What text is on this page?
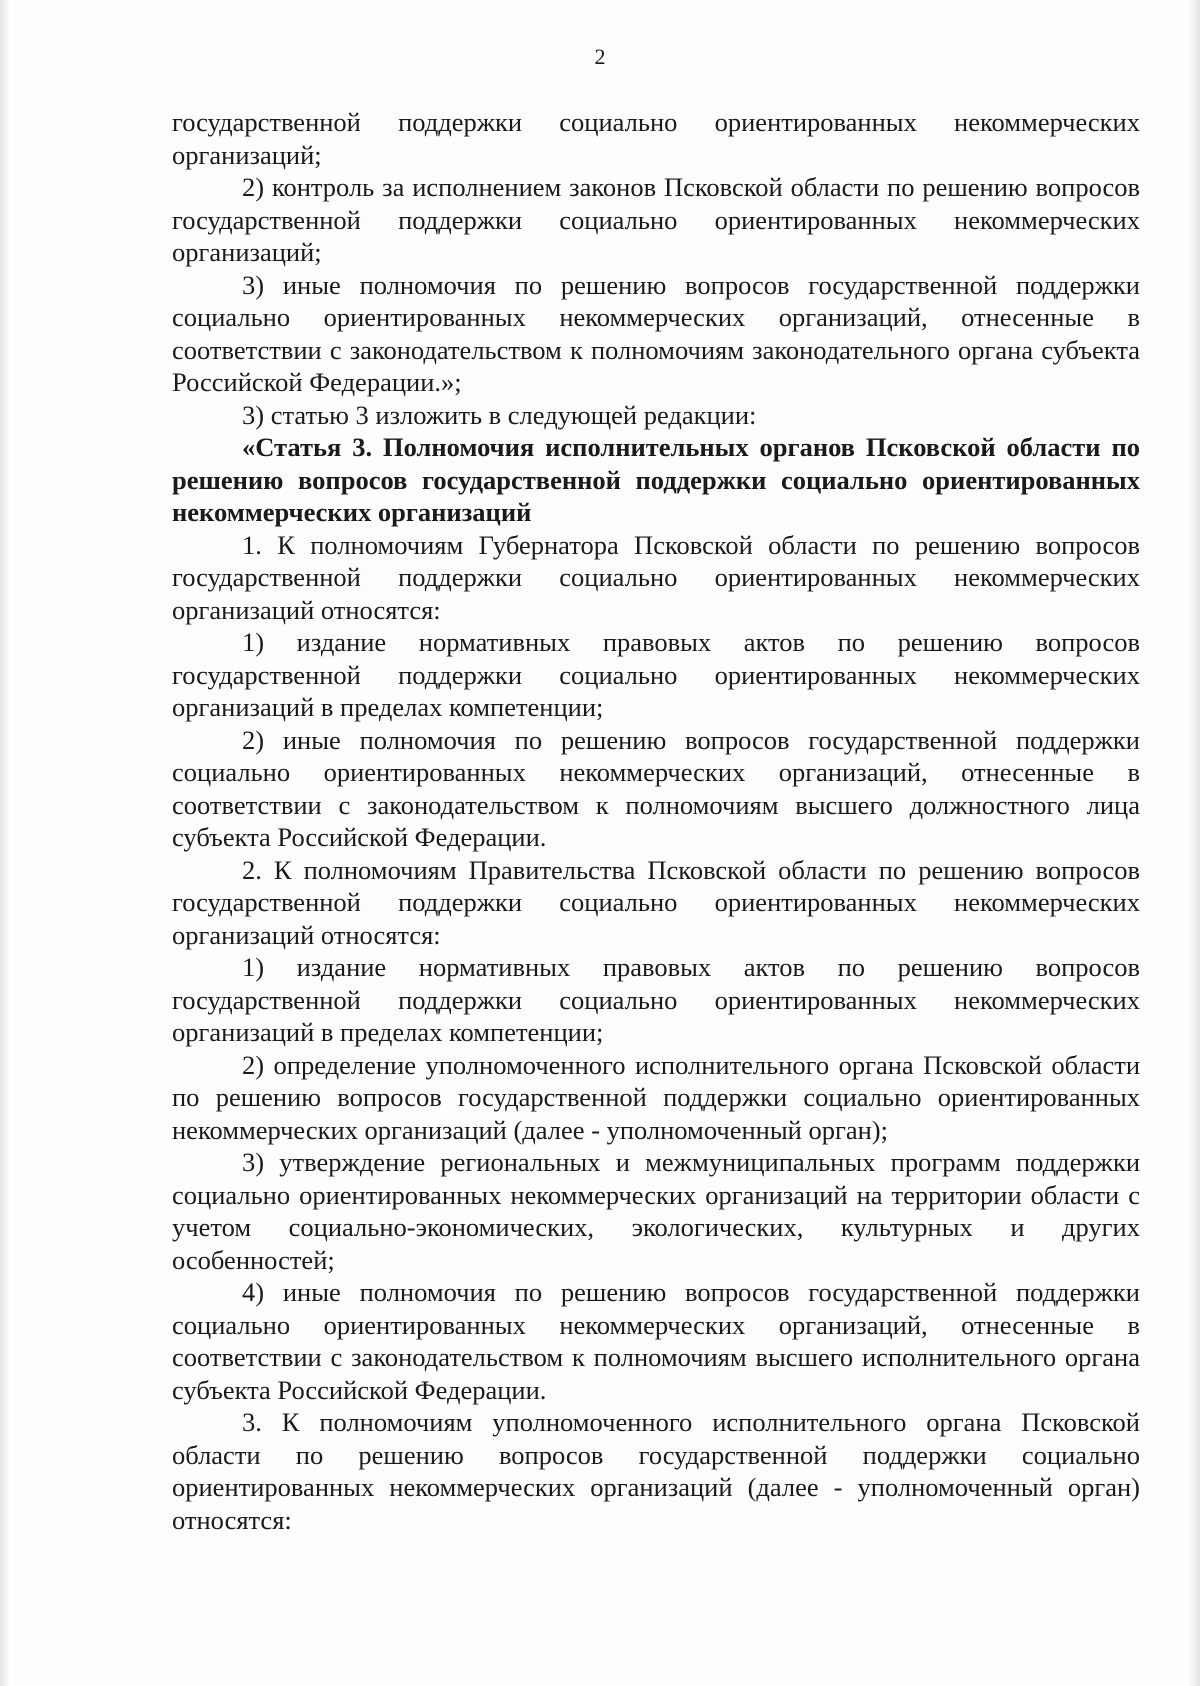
2

государственной поддержки социально ориентированных некоммерческих организаций;

2) контроль за исполнением законов Псковской области по решению вопросов государственной поддержки социально ориентированных некоммерческих организаций;

3) иные полномочия по решению вопросов государственной поддержки социально ориентированных некоммерческих организаций, отнесенные в соответствии с законодательством к полномочиям законодательного органа субъекта Российской Федерации.»;

3) статью 3 изложить в следующей редакции:

«Статья 3. Полномочия исполнительных органов Псковской области по решению вопросов государственной поддержки социально ориентированных некоммерческих организаций

1. К полномочиям Губернатора Псковской области по решению вопросов государственной поддержки социально ориентированных некоммерческих организаций относятся:

1) издание нормативных правовых актов по решению вопросов государственной поддержки социально ориентированных некоммерческих организаций в пределах компетенции;

2) иные полномочия по решению вопросов государственной поддержки социально ориентированных некоммерческих организаций, отнесенные в соответствии с законодательством к полномочиям высшего должностного лица субъекта Российской Федерации.

2. К полномочиям Правительства Псковской области по решению вопросов государственной поддержки социально ориентированных некоммерческих организаций относятся:

1) издание нормативных правовых актов по решению вопросов государственной поддержки социально ориентированных некоммерческих организаций в пределах компетенции;

2) определение уполномоченного исполнительного органа Псковской области по решению вопросов государственной поддержки социально ориентированных некоммерческих организаций (далее - уполномоченный орган);

3) утверждение региональных и межмуниципальных программ поддержки социально ориентированных некоммерческих организаций на территории области с учетом социально-экономических, экологических, культурных и других особенностей;

4) иные полномочия по решению вопросов государственной поддержки социально ориентированных некоммерческих организаций, отнесенные в соответствии с законодательством к полномочиям высшего исполнительного органа субъекта Российской Федерации.

3. К полномочиям уполномоченного исполнительного органа Псковской области по решению вопросов государственной поддержки социально ориентированных некоммерческих организаций (далее - уполномоченный орган) относятся:
